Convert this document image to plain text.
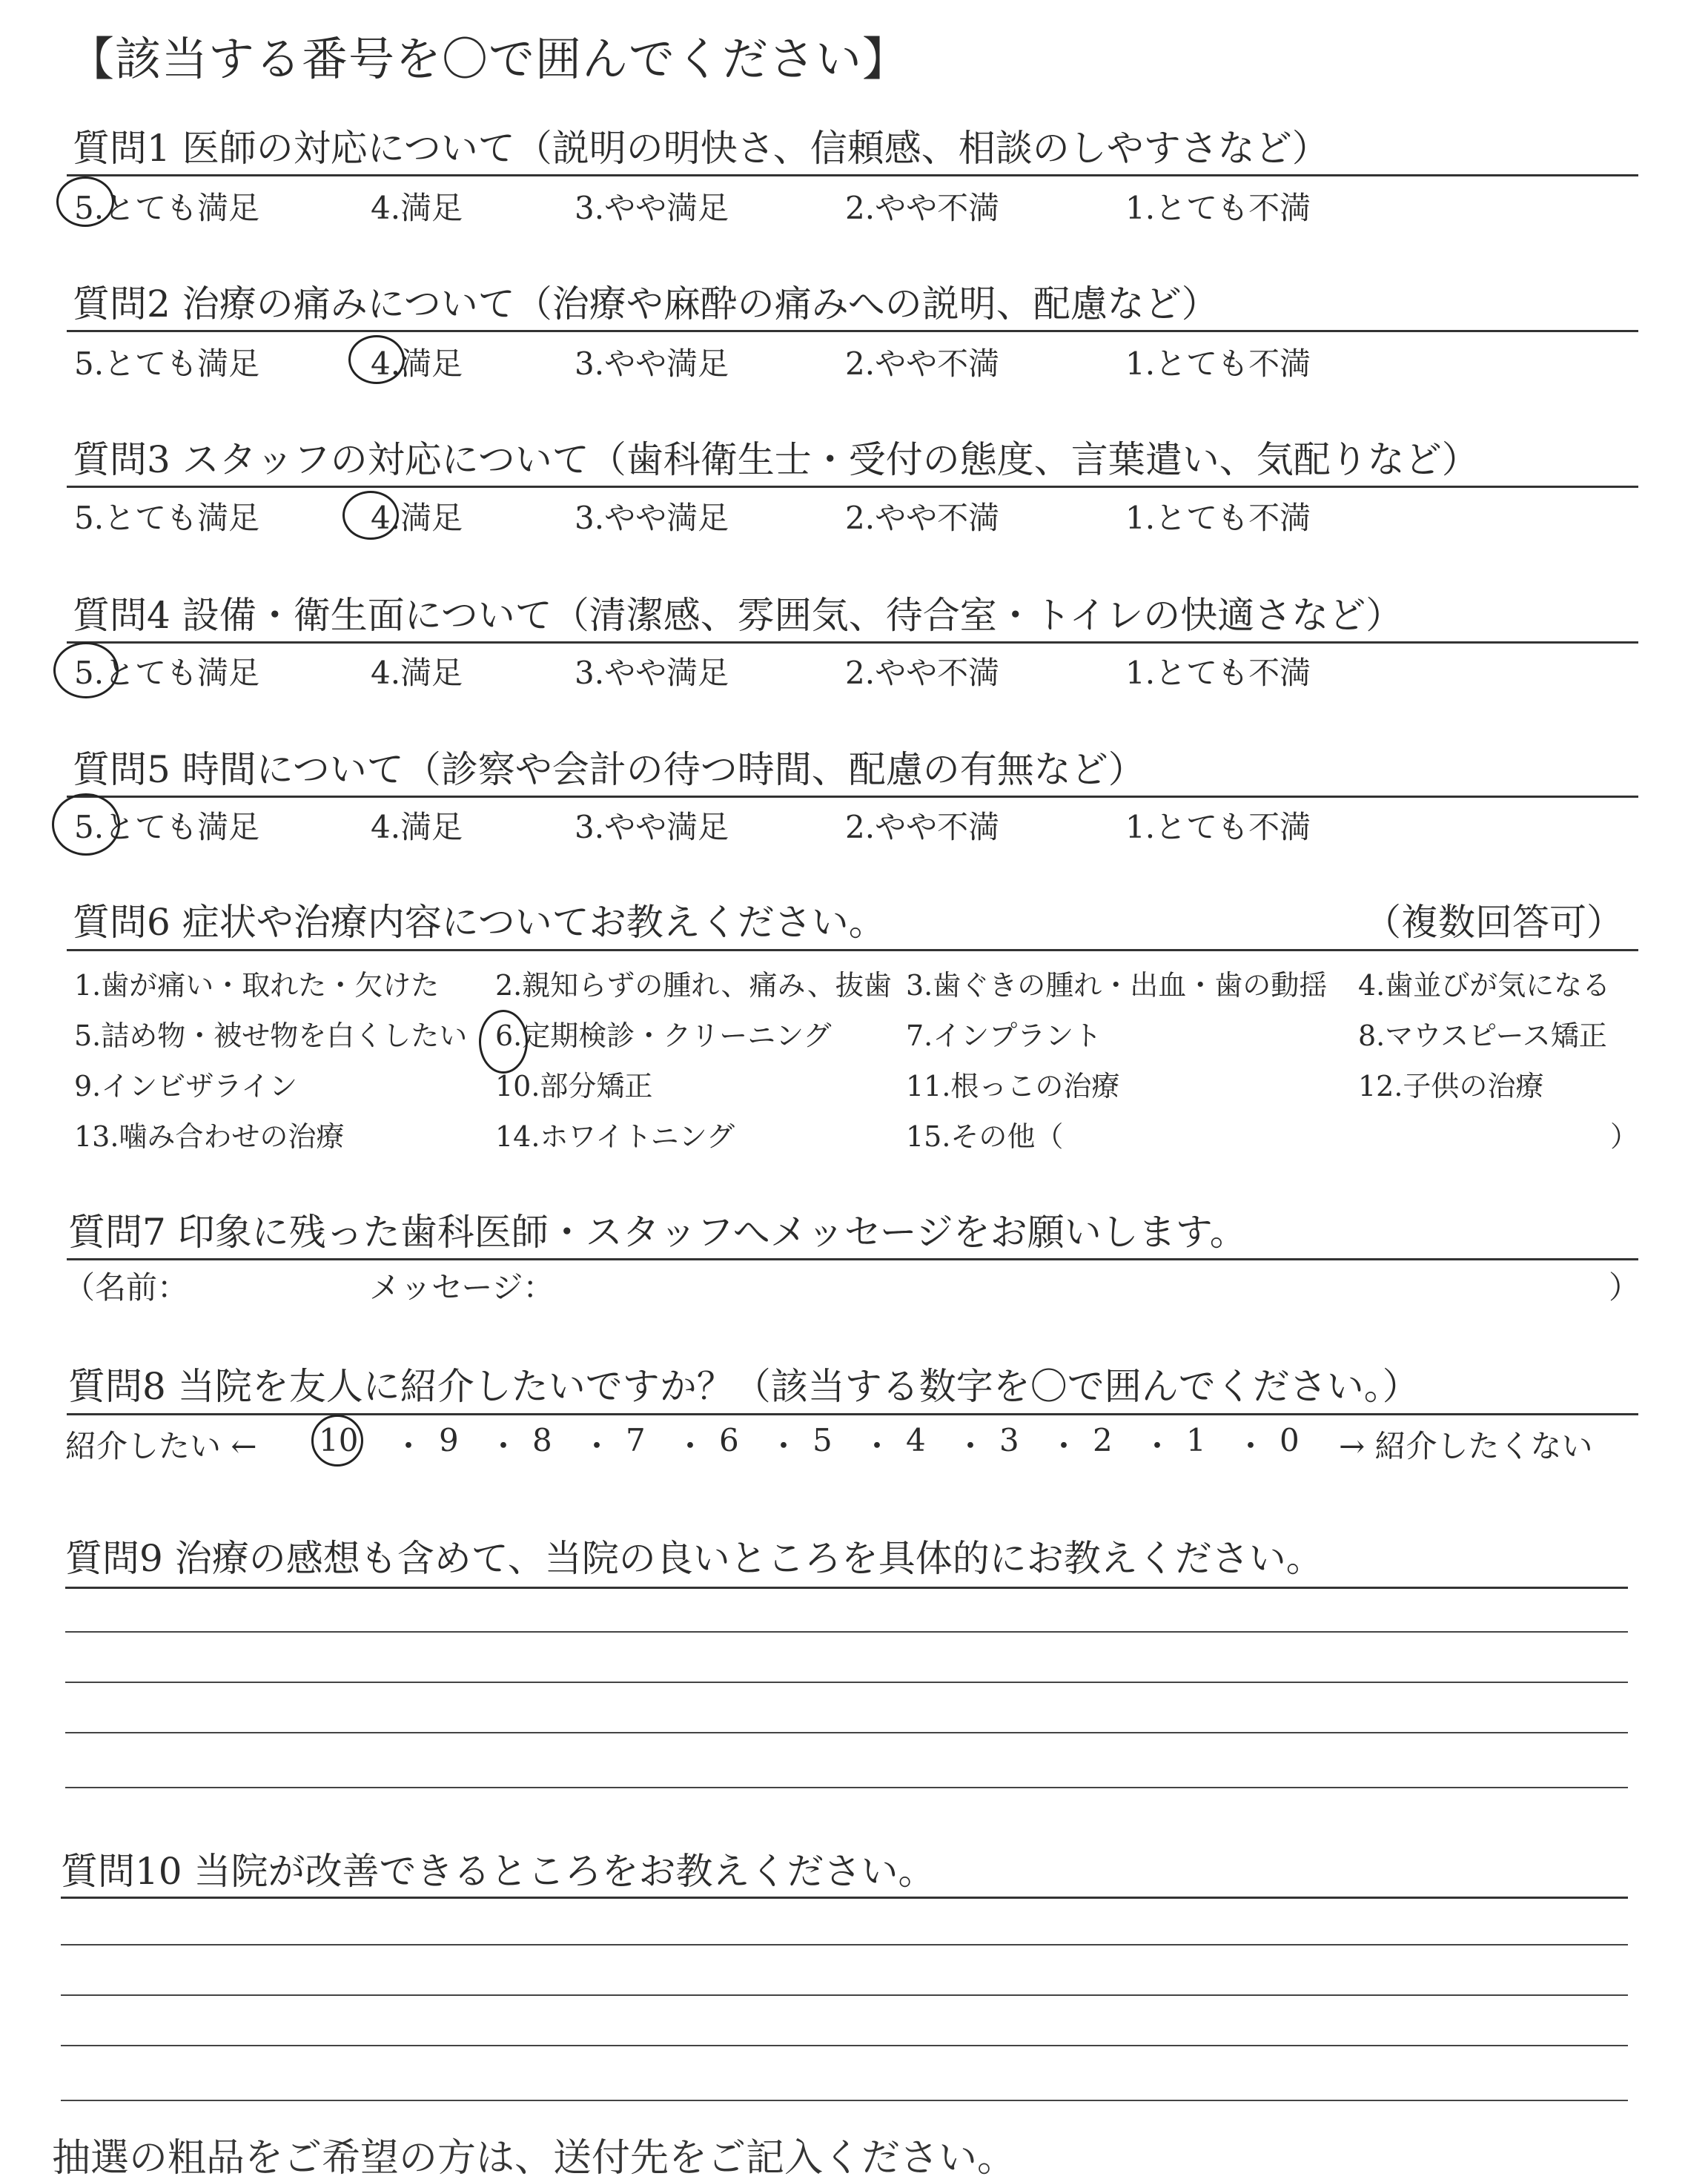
【該当する番号を〇で囲んでください】
質問1 医師の対応について（説明の明快さ、信頼感、相談のしやすさなど）
5.とても満足	4.満足	3.やや満足	2.やや不満	1.とても不満
質問2 治療の痛みについて（治療や麻酔の痛みへの説明、配慮など）
5.とても満足	4.満足	3.やや満足	2.やや不満	1.とても不満
質問3 スタッフの対応について（歯科衛生士・受付の態度、言葉遣い、気配りなど）
5.とても満足	4.満足	3.やや満足	2.やや不満	1.とても不満
質問4 設備・衛生面について（清潔感、雰囲気、待合室・トイレの快適さなど）
5.とても満足	4.満足	3.やや満足	2.やや不満	1.とても不満
質問5 時間について（診察や会計の待つ時間、配慮の有無など）
5.とても満足	4.満足	3.やや満足	2.やや不満	1.とても不満
質問6 症状や治療内容についてお教えください。	（複数回答可）
1.歯が痛い・取れた・欠けた 2.親知らずの腫れ、痛み、抜歯 3.歯ぐきの腫れ・出血・歯の動揺 4.歯並びが気になる
5.詰め物・被せ物を白くしたい 6.定期検診・クリーニング	7.インプラント	8.マウスピース矯正
9.インビザライン	10.部分矯正	11.根っこの治療	12.子供の治療
13.噛み合わせの治療	14.ホワイトニング	15.その他（	）
質問7 印象に残った歯科医師・スタッフへメッセージをお願いします。
（名前：	メッセージ：	）
質問8 当院を友人に紹介したいですか？（該当する数字を〇で囲んでください。）
紹介したい ← 10 ・ 9 ・ 8 ・ 7 ・ 6 ・ 5 ・ 4 ・ 3 ・ 2 ・ 1 ・ 0 → 紹介したくない
質問9 治療の感想も含めて、当院の良いところを具体的にお教えください。
質問10 当院が改善できるところをお教えください。
抽選の粗品をご希望の方は、送付先をご記入ください。
